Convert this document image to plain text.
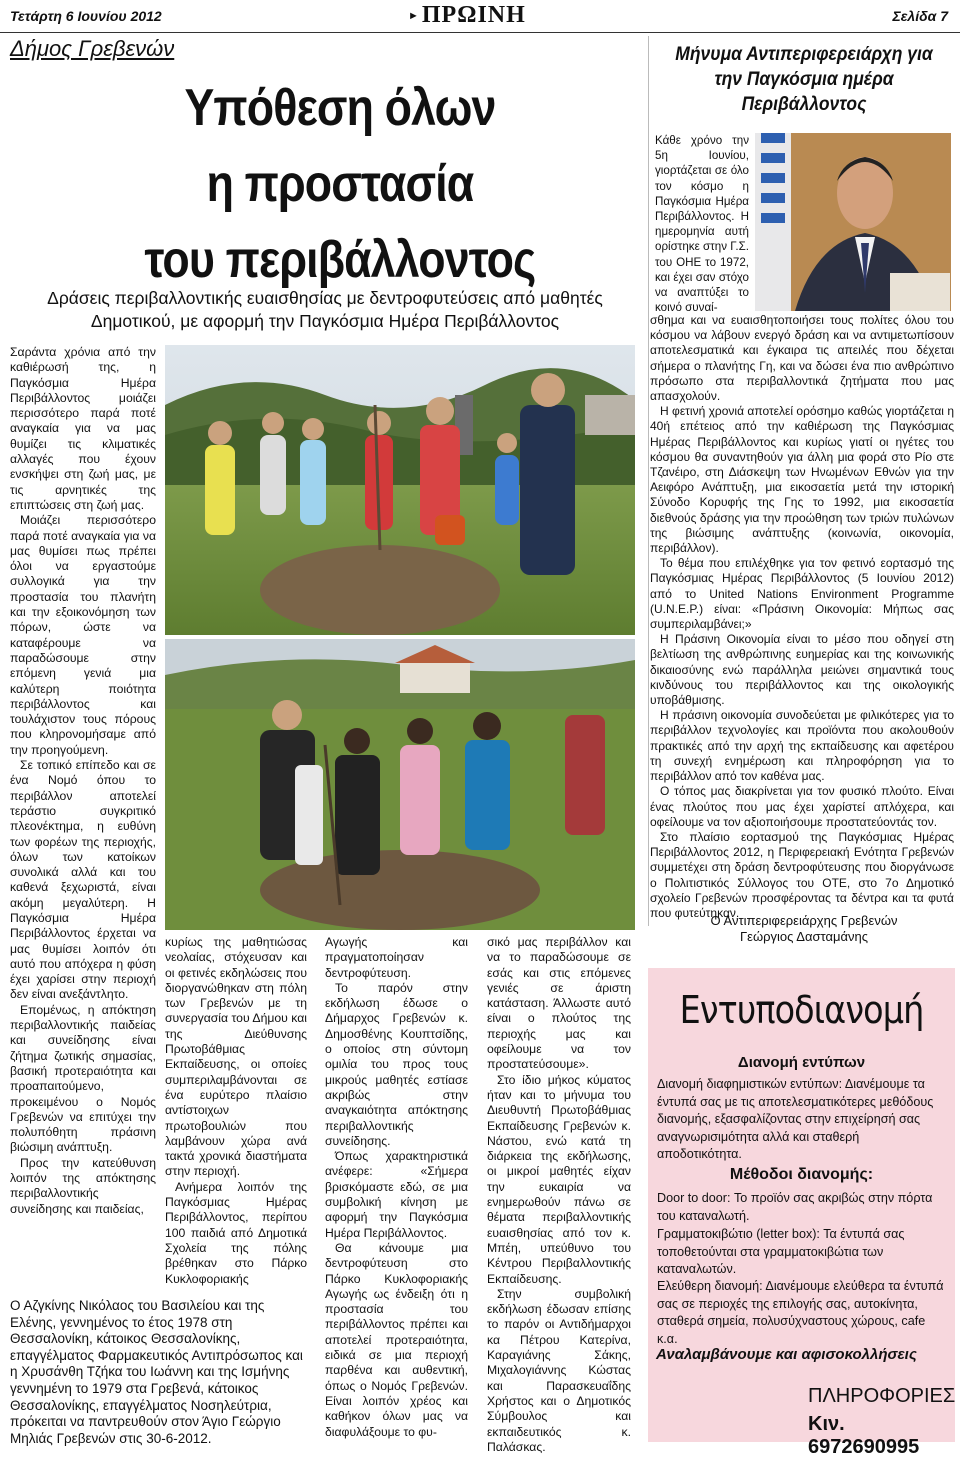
Τετάρτη 6 Ιουνίου 2012	►ΠΡΩΙΝΗ	Σελίδα 7
Δήμος Γρεβενών
Υπόθεση όλων
η προστασία
του περιβάλλοντος
Δράσεις περιβαλλοντικής ευαισθησίας με δεντροφυτεύσεις από μαθητές
Δημοτικού, με αφορμή την Παγκόσμια Ημέρα Περιβάλλοντος

Σαράντα χρόνια από την καθιέρωσή της, η Παγκόσμια Ημέρα Περιβάλλοντος μοιάζει περισσότερο παρά ποτέ αναγκαία για να μας θυμίζει τις κλιματικές αλλαγές που έχουν ενσκήψει στη ζωή μας, με τις αρνητικές της επιπτώσεις στη ζωή μας.

Μοιάζει περισσότερο παρά ποτέ αναγκαία για να μας θυμίσει πως πρέπει όλοι να εργαστούμε συλλογικά για την προστασία του πλανήτη και την εξοικονόμηση των πόρων, ώστε να καταφέρουμε να παραδώσουμε στην επόμενη γενιά μια καλύτερη ποιότητα περιβάλλοντος και τουλάχιστον τους πόρους που κληρονομήσαμε από την προηγούμενη.

Σε τοπικό επίπεδο και σε ένα Νομό όπου το περιβάλλον αποτελεί τεράστιο συγκριτικό πλεονέκτημα, η ευθύνη των φορέων της περιοχής, όλων των κατοίκων συνολικά αλλά και του καθενά ξεχωριστά, είναι ακόμη μεγαλύτερη. Η Παγκόσμια Ημέρα Περιβάλλοντος έρχεται να μας θυμίσει λοιπόν ότι αυτό που απόχερα η φύση έχει χαρίσει στην περιοχή δεν είναι ανεξάντλητο.

Επομένως, η απόκτηση περιβαλλοντικής παιδείας και συνείδησης είναι ζήτημα ζωτικής σημασίας, βασική προτεραιότητα και προαπαιτούμενο, προκειμένου ο Νομός Γρεβενών να επιτύχει την πολυπόθητη πράσινη βιώσιμη ανάπτυξη.

Προς την κατεύθυνση λοιπόν της απόκτησης περιβαλλοντικής συνείδησης και παιδείας,

κυρίως της μαθητιώσας νεολαίας, στόχευσαν και οι φετινές εκδηλώσεις που διοργανώθηκαν στη πόλη των Γρεβενών με τη συνεργασία του Δήμου και της Διεύθυνσης Πρωτοβάθμιας Εκπαίδευσης, οι οποίες συμπεριλαμβάνονται σε ένα ευρύτερο πλαίσιο αντίστοιχων πρωτοβουλιών που λαμβάνουν χώρα ανά τακτά χρονικά διαστήματα στην περιοχή.

Ανήμερα λοιπόν της Παγκόσμιας Ημέρας Περιβάλλοντος, περίπου 100 παιδιά από Δημοτικά Σχολεία της πόλης βρέθηκαν στο Πάρκο Κυκλοφοριακής

Αγωγής και πραγματοποίησαν δεντροφύτευση.

Το παρόν στην εκδήλωση έδωσε ο Δήμαρχος Γρεβενών κ. Δημοσθένης Κουπτσίδης, ο οποίος στη σύντομη ομιλία του προς τους μικρούς μαθητές εστίασε ακριβώς στην αναγκαιότητα απόκτησης περιβαλλοντικής συνείδησης.

Όπως χαρακτηριστικά ανέφερε: «Σήμερα βρισκόμαστε εδώ, σε μια συμβολική κίνηση με αφορμή την Παγκόσμια Ημέρα Περιβάλλοντος.

Θα κάνουμε μια δεντροφύτευση στο Πάρκο Κυκλοφοριακής Αγωγής ως ένδειξη ότι η προστασία του περιβάλλοντος πρέπει και αποτελεί προτεραιότητα, ειδικά σε μια περιοχή παρθένα και αυθεντική, όπως ο Νομός Γρεβενών. Είναι λοιπόν χρέος και καθήκον όλων μας να διαφυλάξουμε το φυ-

σικό μας περιβάλλον και να το παραδώσουμε σε εσάς και στις επόμενες γενιές σε άριστη κατάσταση. Άλλωστε αυτό είναι ο πλούτος της περιοχής μας και οφείλουμε να τον προστατεύσουμε».

Στο ίδιο μήκος κύματος ήταν και το μήνυμα του Διευθυντή Πρωτοβάθμιας Εκπαίδευσης Γρεβενών κ. Νάστου, ενώ κατά τη διάρκεια της εκδήλωσης, οι μικροί μαθητές είχαν την ευκαιρία να ενημερωθούν πάνω σε θέματα περιβαλλοντικής ευαισθησίας από τον κ. Μπέη, υπεύθυνο του Κέντρου Περιβαλλοντικής Εκπαίδευσης.

Στην συμβολική εκδήλωση έδωσαν επίσης το παρόν οι Αντιδήμαρχοι κα Πέτρου Κατερίνα, Καραγιάνης Σάκης, Μιχαλογιάννης Κώστας και Παρασκευαΐδης Χρήστος και ο Δημοτικός Σύμβουλος και εκπαιδευτικός κ. Παλάσκας.

Ο Αζγκίνης Νικόλαος του Βασιλείου και της Ελένης, γεννημένος το έτος 1978 στη Θεσσαλονίκη, κάτοικος Θεσσαλονίκης, επαγγέλματος Φαρμακευτικός Αντιπρόσωπος και η Χρυσάνθη Τζήκα του Ιωάννη και της Ισμήνης γεννημένη το 1979 στα Γρεβενά, κάτοικος Θεσσαλονίκης, επαγγέλματος Νοσηλεύτρια, πρόκειται να παντρευθούν στον Άγιο Γεώργιο Μηλιάς Γρεβενών στις 30-6-2012.
Μήνυμα Αντιπεριφερειάρχη για την Παγκόσμια ημέρα Περιβάλλοντος
Κάθε χρόνο την 5η Ιουνίου, γιορτάζεται σε όλο τον κόσμο η Παγκόσμια Ημέρα Περιβάλλοντος. Η ημερομηνία αυτή ορίστηκε στην Γ.Σ. του ΟΗΕ το 1972, και έχει σαν στόχο να αναπτύξει το κοινό συναί-

σθημα και να ευαισθητοποιήσει τους πολίτες όλου του κόσμου να λάβουν ενεργό δράση και να αντιμετωπίσουν αποτελεσματικά και έγκαιρα τις απειλές που δέχεται σήμερα ο πλανήτης Γη, και να δώσει ένα πιο ανθρώπινο πρόσωπο στα περιβαλλοντικά ζητήματα που μας απασχολούν.

Η φετινή χρονιά αποτελεί ορόσημο καθώς γιορτάζεται η 40ή επέτειος από την καθιέρωση της Παγκόσμιας Ημέρας Περιβάλλοντος και κυρίως γιατί οι ηγέτες του κόσμου θα συναντηθούν για άλλη μια φορά στο Ρίο στε Τζανέιρο, στη Διάσκεψη των Ηνωμένων Εθνών για την Αειφόρο Ανάπτυξη, μια εικοσαετία μετά την ιστορική Σύνοδο Κορυφής της Γης το 1992, μια εικοσαετία διεθνούς δράσης για την προώθηση των τριών πυλώνων της βιώσιμης ανάπτυξης (κοινωνία, οικονομία, περιβάλλον).

Το θέμα που επιλέχθηκε για τον φετινό εορτασμό της Παγκόσμιας Ημέρας Περιβάλλοντος (5 Ιουνίου 2012) από το United Nations Environment Programme (U.N.E.P.) είναι: «Πράσινη Οικονομία: Μήπως σας συμπεριλαμβάνει;»

Η Πράσινη Οικονομία είναι το μέσο που οδηγεί στη βελτίωση της ανθρώπινης ευημερίας και της κοινωνικής δικαιοσύνης ενώ παράλληλα μειώνει σημαντικά τους κινδύνους του περιβάλλοντος και της οικολογικής υποβάθμισης.

Η πράσινη οικονομία συνοδεύεται με φιλικότερες για το περιβάλλον τεχνολογίες και προϊόντα που ακολουθούν πρακτικές από την αρχή της εκπαίδευσης και αφετέρου τη συνεχή ενημέρωση και πληροφόρηση για το περιβάλλον από τον καθένα μας.

Ο τόπος μας διακρίνεται για τον φυσικό πλούτο. Είναι ένας πλούτος που μας έχει χαρίστεί απλόχερα, και οφείλουμε να τον αξιοποιήσουμε προστατεύοντάς τον.

Στο πλαίσιο εορτασμού της Παγκόσμιας Ημέρας Περιβάλλοντος 2012, η Περιφερειακή Ενότητα Γρεβενών συμμετέχει στη δράση δεντροφύτευσης που διοργάνωσε ο Πολιτιστικός Σύλλογος του ΟΤΕ, στο 7ο Δημοτικό σχολείο Γρεβενών προσφέροντας τα δέντρα και τα φυτά που φυτεύτηκαν.

Ο Αντιπεριφερειάρχης Γρεβενών
Γεώργιος Δασταμάνης
Εντυποδιανομή
Διανομή εντύπων
Διανομή διαφημιστικών εντύπων: Διανέμουμε τα έντυπά σας με τις αποτελεσματικότερες μεθόδους διανομής, εξασφαλίζοντας στην επιχείρησή σας αναγνωρισιμότητα αλλά και σταθερή αποδοτικότητα.
Μέθοδοι διανομής:
Door to door: Το προϊόν σας ακριβώς στην πόρτα του καταναλωτή.
Γραμματοκιβώτιο (letter box): Τα έντυπά σας τοποθετούνται στα γραμματοκιβώτια των καταναλωτών.
Ελεύθερη διανομή: Διανέμουμε ελεύθερα τα έντυπά σας σε περιοχές της επιλογής σας, αυτοκίνητα, σταθερά σημεία, πολυσύχναστους χώρους, cafe κ.α.
Αναλαμβάνουμε και αφισοκολλήσεις
ΠΛΗΡΟΦΟΡΙΕΣ
Κιν. 6972690995
